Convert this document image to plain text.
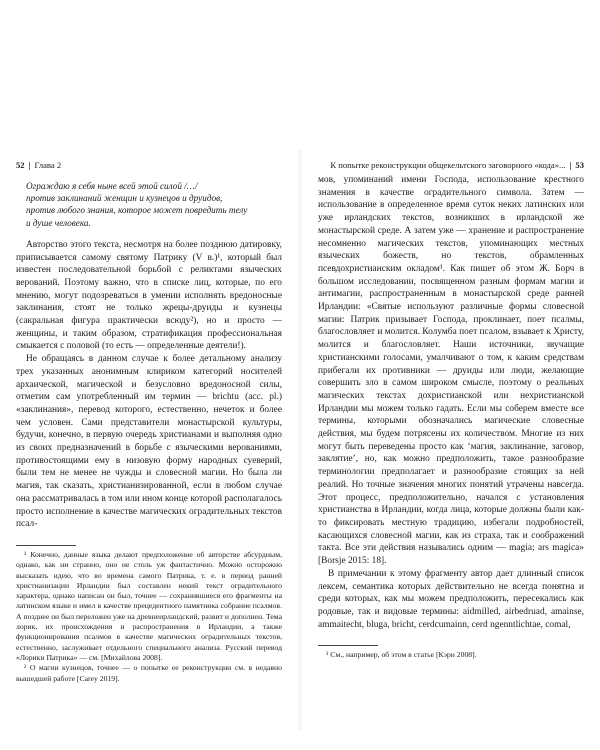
52 | Глава 2
Ограждаю я себя ныне всей этой силой /…/
против заклинаний женщин и кузнецов и друидов,
против любого знания, которое может повредить телу
и душе человека.

Авторство этого текста, несмотря на более позднюю датировку, приписывается самому святому Патрику (V в.)¹, который был известен последовательной борьбой с реликтами языческих верований. Поэтому важно, что в списке лиц, которые, по его мнению, могут подозреваться в умении исполнять вредоносные заклинания, стоят не только жрецы-друиды и кузнецы (сакральная фигура практически всюду²), но и просто — женщины, и таким образом, стратификация профессиональная смыкается с половой (то есть — определенные деятели!).

Не обращаясь в данном случае к более детальному анализу трех указанных анонимным клириком категорий носителей архаической, магической и безусловно вредоносной силы, отметим сам употребленный им термин — brichtu (acc. pl.) «заклинания», перевод которого, естественно, нечеток и более чем условен. Сами представители монастырской культуры, будучи, конечно, в первую очередь христианами и выполняя одно из своих предназначений в борьбе с языческими верованиями, противостоящими ему в низовую форму народных суеверий, были тем не менее не чужды и словесной магии. Но была ли магия, так сказать, христианизированной, если в любом случае она рассматривалась в том или ином конце которой располагалось просто исполнение в качестве магических оградительных текстов псал-

¹ Конечно, данные языка делают предположение об авторстве абсурдным, однако, как ни странно, оно не столь уж фантастично. Можно осторожно высказать идею, что во времена самого Патрика, т. е. в период ранней христианизации Ирландии был составлен некий текст оградительного характера, однако написан он был, точнее — сохранившиеся его фрагменты на латинском языке и имел в качестве прецедентного памятника собрание псалмов. А позднее он был переложен уже на древнеирландский, развит и дополнен. Тема лорик, их происхождения и распространения в Ирландии, а также функционирования псалмов в качестве магических оградительных текстов, естественно, заслуживает отдельного специального анализа. Русский перевод «Лорики Патрика» — см. [Михайлова 2008].

² О магии кузнецов, точнее — о попытке ее реконструкции см. в недавно вышедшей работе [Carey 2019].

К попытке реконструкции общекельтского заговорного «кода»... | 53

мов, упоминаний имени Господа, использование крестного знамения в качестве оградительного символа. Затем — использование в определенное время суток неких латинских или уже ирландских текстов, возникших в ирландской же монастырской среде. А затем уже — хранение и распространение несомненно магических текстов, упоминающих местных языческих божеств, но текстов, обрамленных псевдохристианским окладом¹. Как пишет об этом Ж. Борч в большом исследовании, посвященном разным формам магии и антимагии, распространенным в монастырской среде ранней Ирландии: «Святые используют различные формы словесной магии: Патрик призывает Господа, проклинает, поет псалмы, благословляет и молится. Колумба поет псалом, взывает к Христу, молится и благословляет. Наши источники, звучащие христианскими голосами, умалчивают о том, к каким средствам прибегали их противники — друиды или люди, желающие совершить зло в самом широком смысле, поэтому о реальных магических текстах дохристианской или нехристианской Ирландии мы можем только гадать. Если мы соберем вместе все термины, которыми обозначались магические словесные действия, мы будем потрясены их количеством. Многие из них могут быть переведены просто как ‘магия, заклинание, заговор, заклятие’, но, как можно предположить, такое разнообразие терминологии предполагает и разнообразие стоящих за ней реалий. Но точные значения многих понятий утрачены навсегда. Этот процесс, предположительно, начался с установления христианства в Ирландии, когда лица, которые должны были как-то фиксировать местную традицию, избегали подробностей, касающихся словесной магии, как из страха, так и соображений такта. Все эти действия назывались одним — magia; ars magica» [Borsje 2015: 18].

В примечании к этому фрагменту автор дает длинный список лексем, семантика которых действительно не всегда понятна и среди которых, как мы можем предположить, пересекались как родовые, так и видовые термины: aidmilled, airbedruad, amainse, ammaitecht, bluga, bricht, cerdcumainn, cerd ngenntlichtae, comal,

¹ См., например, об этом в статье [Кэри 2008].
